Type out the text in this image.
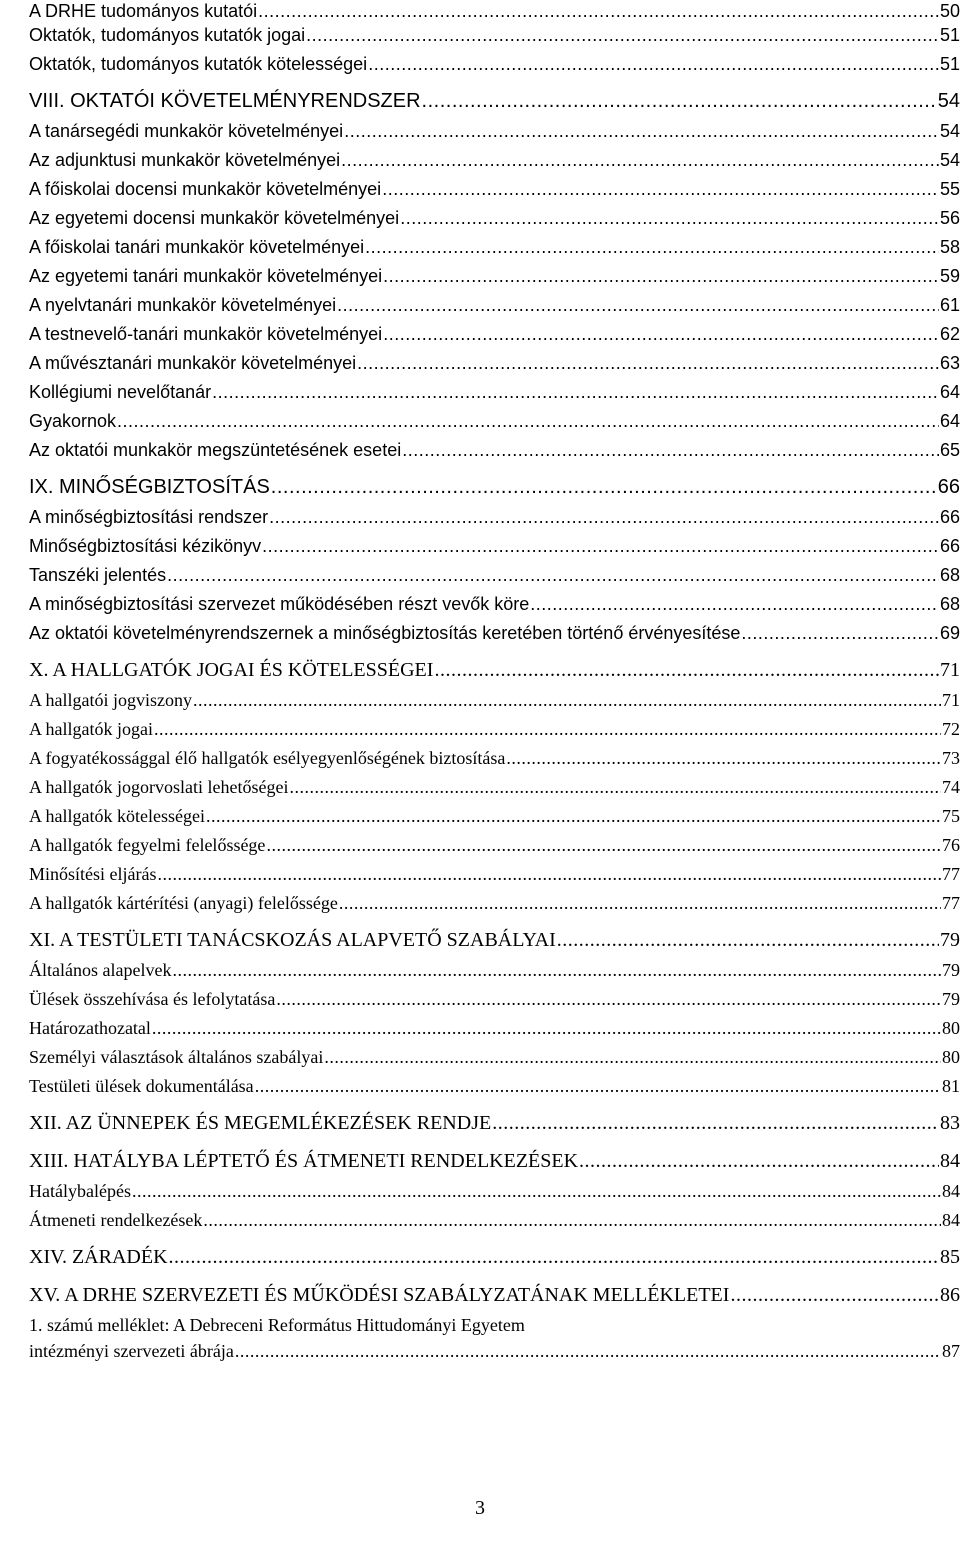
A DRHE tudományos kutatói .....	50
Oktatók, tudományos kutatók jogai .....	51
Oktatók, tudományos kutatók kötelességei .....	51
VIII. OKTATÓI KÖVETELMÉNYRENDSZER .....	54
A tanársegédi munkakör követelményei .....	54
Az adjunktusi munkakör követelményei .....	54
A főiskolai docensi munkakör követelményei .....	55
Az egyetemi docensi munkakör követelményei .....	56
A főiskolai tanári munkakör követelményei .....	58
Az egyetemi tanári munkakör követelményei .....	59
A nyelvtanári munkakör követelményei .....	61
A testnevelő-tanári munkakör követelményei .....	62
A művésztanári munkakör követelményei .....	63
Kollégiumi nevelőtanár .....	64
Gyakornok .....	64
Az oktatói munkakör megszüntetésének esetei .....	65
IX. MINŐSÉGBIZTOSÍTÁS .....	66
A minőségbiztosítási rendszer .....	66
Minőségbiztosítási kézikönyv .....	66
Tanszéki jelentés .....	68
A minőségbiztosítási szervezet működésében részt vevők köre .....	68
Az oktatói követelményrendszernek a minőségbiztosítás keretében történő érvényesítése .....	69
X. A HALLGATÓK JOGAI ÉS KÖTELESSÉGEI .....	71
A hallgatói jogviszony .....	71
A hallgatók jogai .....	72
A fogyatékossággal élő hallgatók esélyegyenlőségének biztosítása .....	73
A hallgatók jogorvoslati lehetőségei .....	74
A hallgatók kötelességei .....	75
A hallgatók fegyelmi felelőssége .....	76
Minősítési eljárás .....	77
A hallgatók kártérítési (anyagi) felelőssége .....	77
XI. A TESTÜLETI TANÁCSKOZÁS ALAPVETŐ SZABÁLYAI .....	79
Általános alapelvek .....	79
Ülések összehívása és lefolytatása .....	79
Határozathozatal .....	80
Személyi választások általános szabályai .....	80
Testületi ülések dokumentálása .....	81
XII. AZ ÜNNEPEK ÉS MEGEMLÉKEZÉSEK RENDJE .....	83
XIII. HATÁLYBA LÉPTETŐ ÉS ÁTMENETI RENDELKEZÉSEK .....	84
Hatálybalépés .....	84
Átmeneti rendelkezések .....	84
XIV. ZÁRADÉK .....	85
XV. A DRHE SZERVEZETI ÉS MŰKÖDÉSI SZABÁLYZATÁNAK MELLÉKLETEI .....	86
1. számú melléklet: A Debreceni Református Hittudományi Egyetem
intézményi szervezeti ábrája .....	87
3
